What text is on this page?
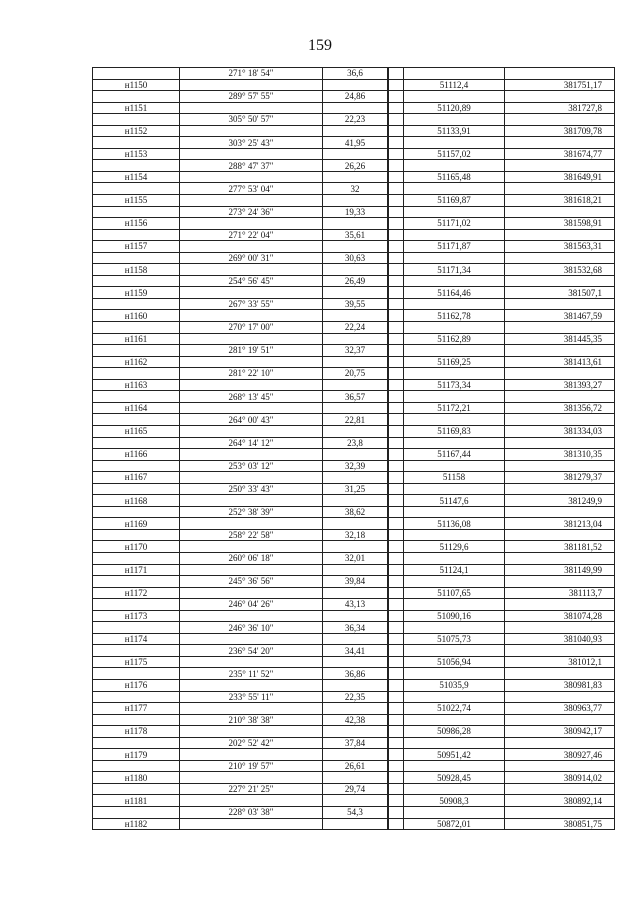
159
	271° 18' 54"	36,6			
н1150				51112,4	381751,17
	289° 57' 55"	24,86			
н1151				51120,89	381727,8
	305° 50' 57"	22,23			
н1152				51133,91	381709,78
	303° 25' 43"	41,95			
н1153				51157,02	381674,77
	288° 47' 37"	26,26			
н1154				51165,48	381649,91
	277° 53' 04"	32			
н1155				51169,87	381618,21
	273° 24' 36"	19,33			
н1156				51171,02	381598,91
	271° 22' 04"	35,61			
н1157				51171,87	381563,31
	269° 00' 31"	30,63			
н1158				51171,34	381532,68
	254° 56' 45"	26,49			
н1159				51164,46	381507,1
	267° 33' 55"	39,55			
н1160				51162,78	381467,59
	270° 17' 00"	22,24			
н1161				51162,89	381445,35
	281° 19' 51"	32,37			
н1162				51169,25	381413,61
	281° 22' 10"	20,75			
н1163				51173,34	381393,27
	268° 13' 45"	36,57			
н1164				51172,21	381356,72
	264° 00' 43"	22,81			
н1165				51169,83	381334,03
	264° 14' 12"	23,8			
н1166				51167,44	381310,35
	253° 03' 12"	32,39			
н1167				51158	381279,37
	250° 33' 43"	31,25			
н1168				51147,6	381249,9
	252° 38' 39"	38,62			
н1169				51136,08	381213,04
	258° 22' 58"	32,18			
н1170				51129,6	381181,52
	260° 06' 18"	32,01			
н1171				51124,1	381149,99
	245° 36' 56"	39,84			
н1172				51107,65	381113,7
	246° 04' 26"	43,13			
н1173				51090,16	381074,28
	246° 36' 10"	36,34			
н1174				51075,73	381040,93
	236° 54' 20"	34,41			
н1175				51056,94	381012,1
	235° 11' 52"	36,86			
н1176				51035,9	380981,83
	233° 55' 11"	22,35			
н1177				51022,74	380963,77
	210° 38' 38"	42,38			
н1178				50986,28	380942,17
	202° 52' 42"	37,84			
н1179				50951,42	380927,46
	210° 19' 57"	26,61			
н1180				50928,45	380914,02
	227° 21' 25"	29,74			
н1181				50908,3	380892,14
	228° 03' 38"	54,3			
н1182				50872,01	380851,75
